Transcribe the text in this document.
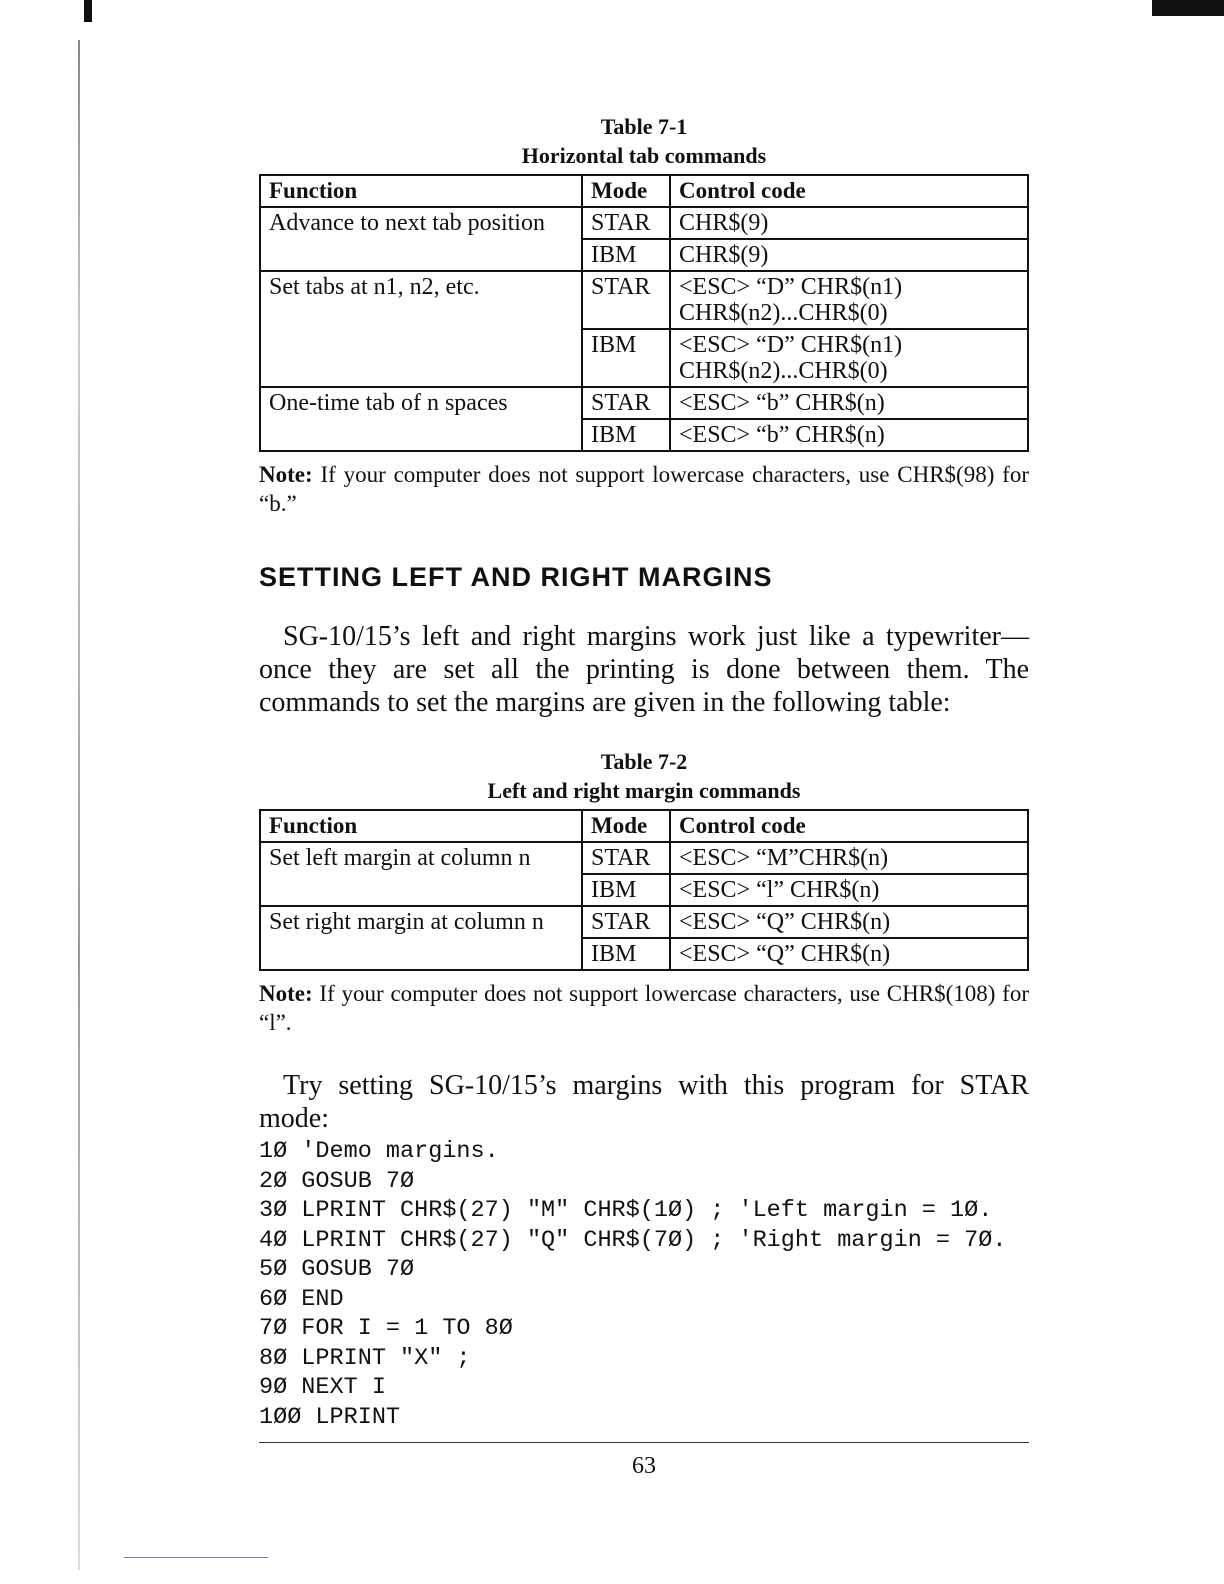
Table 7-1
Horizontal tab commands
Function	Mode	Control code
Advance to next tab position	STAR	CHR$(9)
	IBM	CHR$(9)
Set tabs at n1, n2, etc.	STAR	<ESC> “D” CHR$(n1) CHR$(n2)...CHR$(0)
	IBM	<ESC> “D” CHR$(n1) CHR$(n2)...CHR$(0)
One-time tab of n spaces	STAR	<ESC> “b” CHR$(n)
	IBM	<ESC> “b” CHR$(n)
Note: If your computer does not support lowercase characters, use CHR$(98) for “b.”
SETTING LEFT AND RIGHT MARGINS
SG-10/15’s left and right margins work just like a typewriter—once they are set all the printing is done between them. The commands to set the margins are given in the following table:
Table 7-2
Left and right margin commands
Function	Mode	Control code
Set left margin at column n	STAR	<ESC> “M”CHR$(n)
	IBM	<ESC> “l” CHR$(n)
Set right margin at column n	STAR	<ESC> “Q” CHR$(n)
	IBM	<ESC> “Q” CHR$(n)
Note: If your computer does not support lowercase characters, use CHR$(108) for “l”.
Try setting SG-10/15’s margins with this program for STAR mode:
1Ø 'Demo margins.
2Ø GOSUB 7Ø
3Ø LPRINT CHR$(27) "M" CHR$(1Ø) ; 'Left margin = 1Ø.
4Ø LPRINT CHR$(27) "Q" CHR$(7Ø) ; 'Right margin = 7Ø.
5Ø GOSUB 7Ø
6Ø END
7Ø FOR I = 1 TO 8Ø
8Ø LPRINT "X" ;
9Ø NEXT I
1ØØ LPRINT
63
